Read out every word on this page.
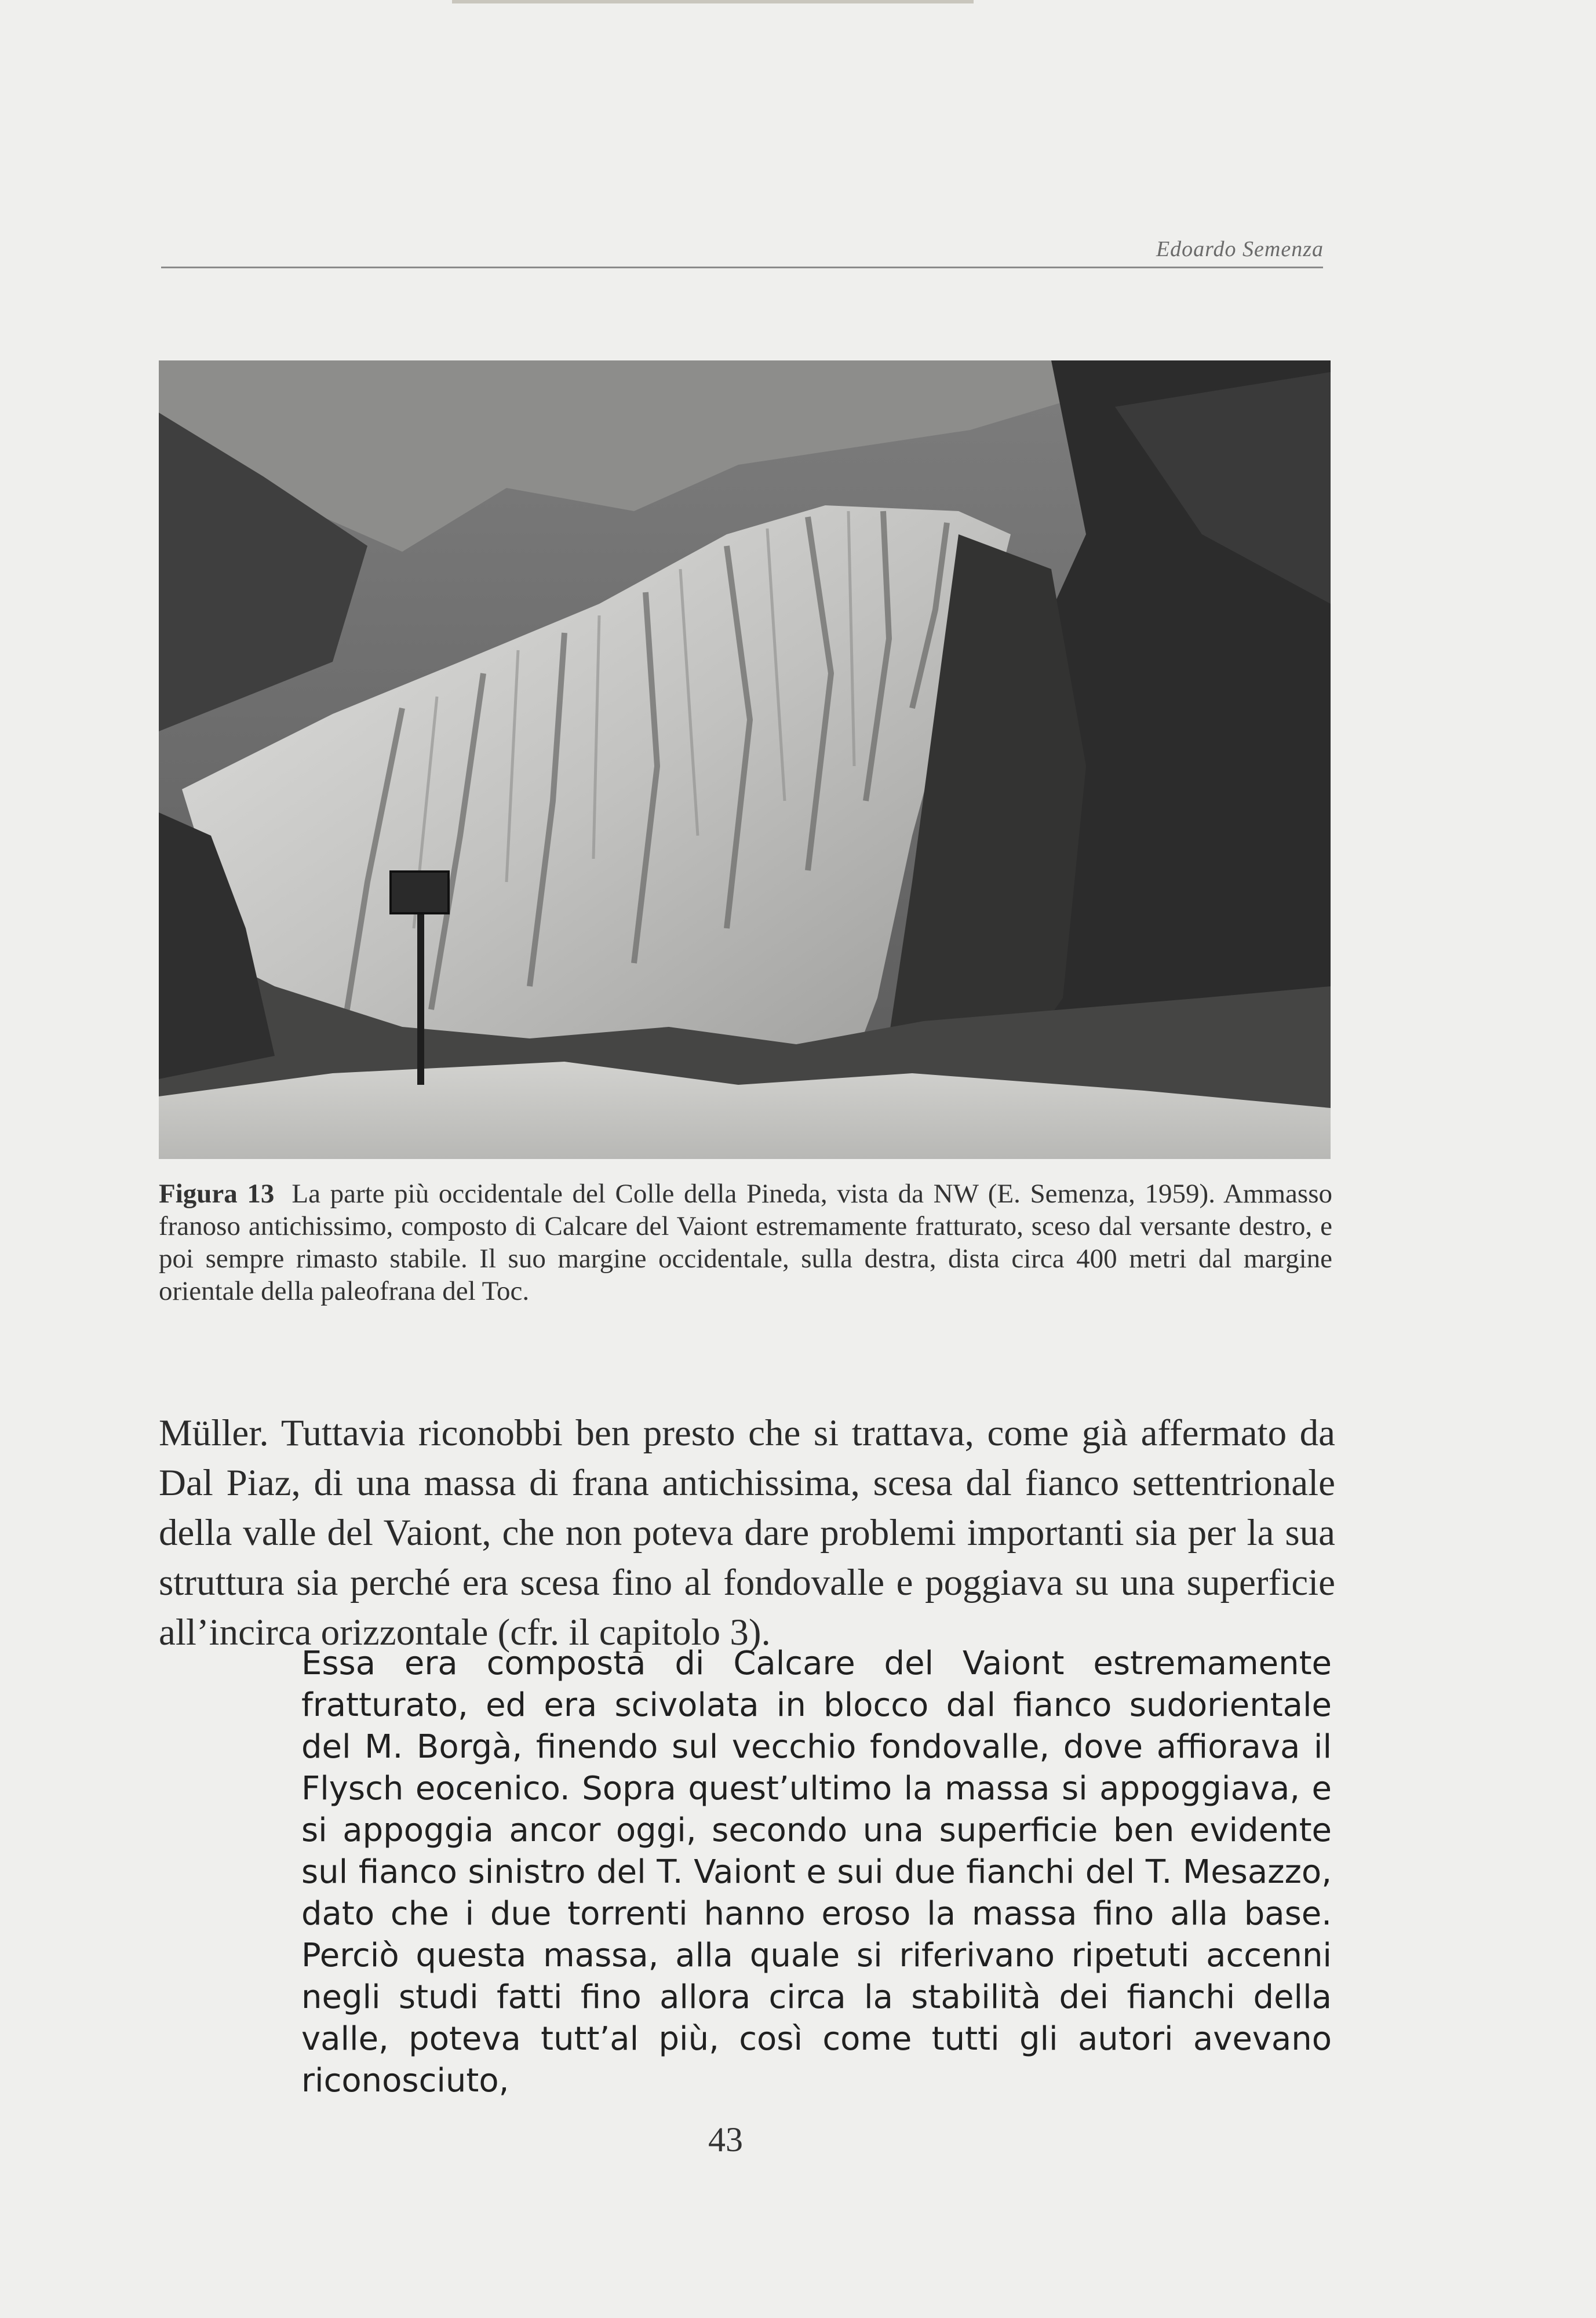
Edoardo Semenza
Figura 13 La parte più occidentale del Colle della Pineda, vista da NW (E. Semenza, 1959). Ammasso franoso antichissimo, composto di Calcare del Vaiont estremamente fratturato, sceso dal versante destro, e poi sempre rimasto stabile. Il suo margine occidentale, sulla destra, dista circa 400 metri dal margine orientale della paleofrana del Toc.
Müller. Tuttavia riconobbi ben presto che si trattava, come già affermato da Dal Piaz, di una massa di frana antichissima, scesa dal fianco settentrionale della valle del Vaiont, che non poteva dare problemi importanti sia per la sua struttura sia perché era scesa fino al fondovalle e poggiava su una superficie all’incirca orizzontale (cfr. il capitolo 3).
Essa era composta di Calcare del Vaiont estremamente fratturato, ed era scivolata in blocco dal fianco sudorientale del M. Borgà, finendo sul vecchio fondovalle, dove affiorava il Flysch eocenico. Sopra quest’ultimo la massa si appoggiava, e si appoggia ancor oggi, secondo una superficie ben evidente sul fianco sinistro del T. Vaiont e sui due fianchi del T. Mesazzo, dato che i due torrenti hanno eroso la massa fino alla base. Perciò questa massa, alla quale si riferivano ripetuti accenni negli studi fatti fino allora circa la stabilità dei fianchi della valle, poteva tutt’al più, così come tutti gli autori avevano riconosciuto,
43
